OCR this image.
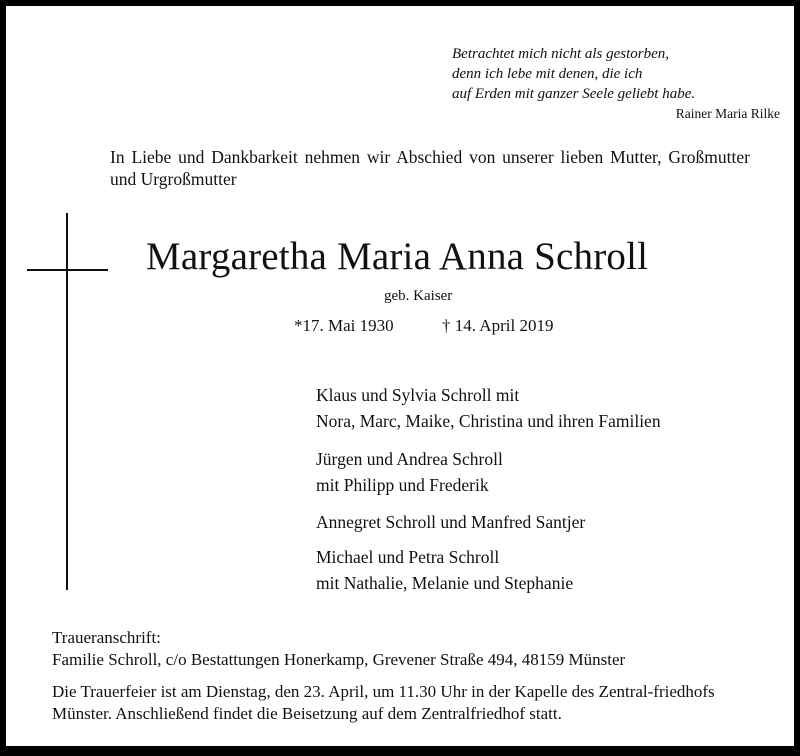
Betrachtet mich nicht als gestorben,
denn ich lebe mit denen, die ich
auf Erden mit ganzer Seele geliebt habe.
Rainer Maria Rilke
In Liebe und Dankbarkeit nehmen wir Abschied von unserer lieben Mutter, Großmutter und Urgroßmutter
Margaretha Maria Anna Schroll
geb. Kaiser
*17. Mai 1930	† 14. April 2019
Klaus und Sylvia Schroll mit
Nora, Marc, Maike, Christina und ihren Familien
Jürgen und Andrea Schroll
mit Philipp und Frederik
Annegret Schroll und Manfred Santjer
Michael und Petra Schroll
mit Nathalie, Melanie und Stephanie
Traueranschrift:
Familie Schroll, c/o Bestattungen Honerkamp, Grevener Straße 494, 48159 Münster
Die Trauerfeier ist am Dienstag, den 23. April, um 11.30 Uhr in der Kapelle des Zentral-friedhofs Münster. Anschließend findet die Beisetzung auf dem Zentralfriedhof statt.
